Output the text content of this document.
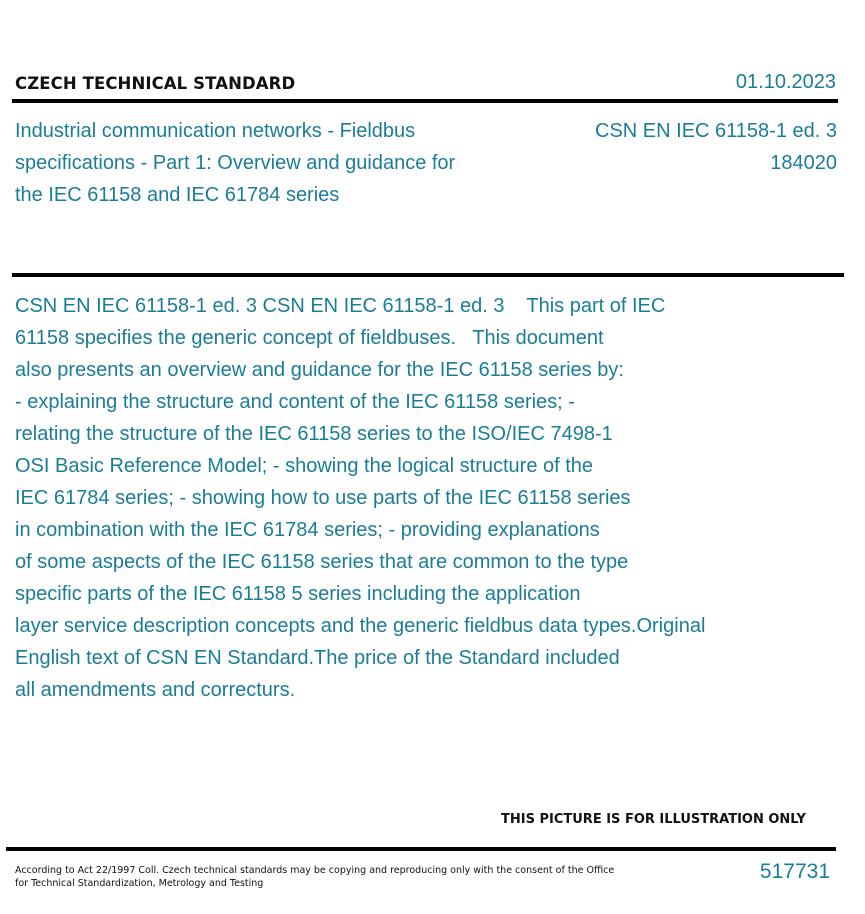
CZECH TECHNICAL STANDARD	01.10.2023
Industrial communication networks - Fieldbus specifications - Part 1: Overview and guidance for the IEC 61158 and IEC 61784 series
CSN EN IEC 61158-1 ed. 3
184020
CSN EN IEC 61158-1 ed. 3 CSN EN IEC 61158-1 ed. 3    This part of IEC
61158 specifies the generic concept of fieldbuses.   This document
also presents an overview and guidance for the IEC 61158 series by:
- explaining the structure and content of the IEC 61158 series; -
relating the structure of the IEC 61158 series to the ISO/IEC 7498-1
OSI Basic Reference Model; - showing the logical structure of the
IEC 61784 series; - showing how to use parts of the IEC 61158 series
in combination with the IEC 61784 series; - providing explanations
of some aspects of the IEC 61158 series that are common to the type
specific parts of the IEC 61158 5 series including the application
layer service description concepts and the generic fieldbus data types.Original
English text of CSN EN Standard.The price of the Standard included
all amendments and correcturs.
THIS PICTURE IS FOR ILLUSTRATION ONLY
According to Act 22/1997 Coll. Czech technical standards may be copying and reproducing only with the consent of the Office
for Technical Standardization, Metrology and Testing
517731
